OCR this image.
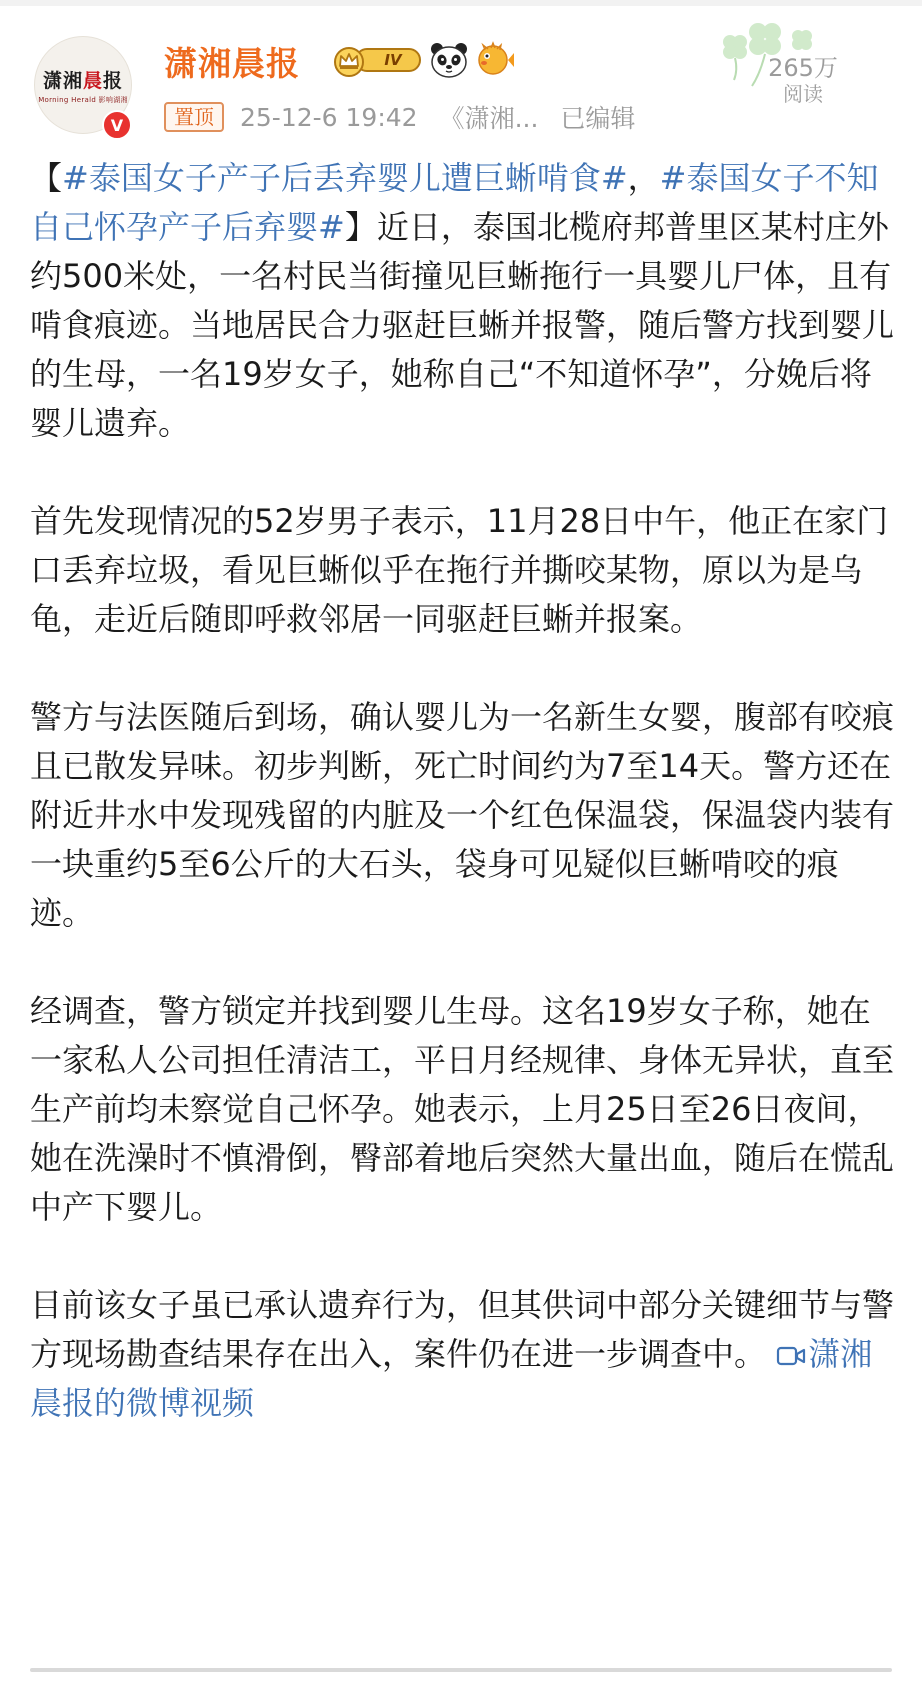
潇湘晨报
Morning Herald 影响湖湘
V
潇湘晨报	IV	265万
阅读
置顶	25-12-6 19:42 《潇湘... 已编辑
【#泰国女子产子后丢弃婴儿遭巨蜥啃食#，#泰国女子不知自己怀孕产子后弃婴#】近日，泰国北榄府邦普里区某村庄外约500米处，一名村民当街撞见巨蜥拖行一具婴儿尸体，且有啃食痕迹。当地居民合力驱赶巨蜥并报警，随后警方找到婴儿的生母，一名19岁女子，她称自己“不知道怀孕”，分娩后将婴儿遗弃。
首先发现情况的52岁男子表示，11月28日中午，他正在家门口丢弃垃圾，看见巨蜥似乎在拖行并撕咬某物，原以为是乌龟，走近后随即呼救邻居一同驱赶巨蜥并报案。
警方与法医随后到场，确认婴儿为一名新生女婴，腹部有咬痕且已散发异味。初步判断，死亡时间约为7至14天。警方还在附近井水中发现残留的内脏及一个红色保温袋，保温袋内装有一块重约5至6公斤的大石头，袋身可见疑似巨蜥啃咬的痕迹。
经调查，警方锁定并找到婴儿生母。这名19岁女子称，她在一家私人公司担任清洁工，平日月经规律、身体无异状，直至生产前均未察觉自己怀孕。她表示，上月25日至26日夜间，她在洗澡时不慎滑倒，臀部着地后突然大量出血，随后在慌乱中产下婴儿。
目前该女子虽已承认遗弃行为，但其供词中部分关键细节与警方现场勘查结果存在出入，案件仍在进一步调查中。 潇湘晨报的微博视频
